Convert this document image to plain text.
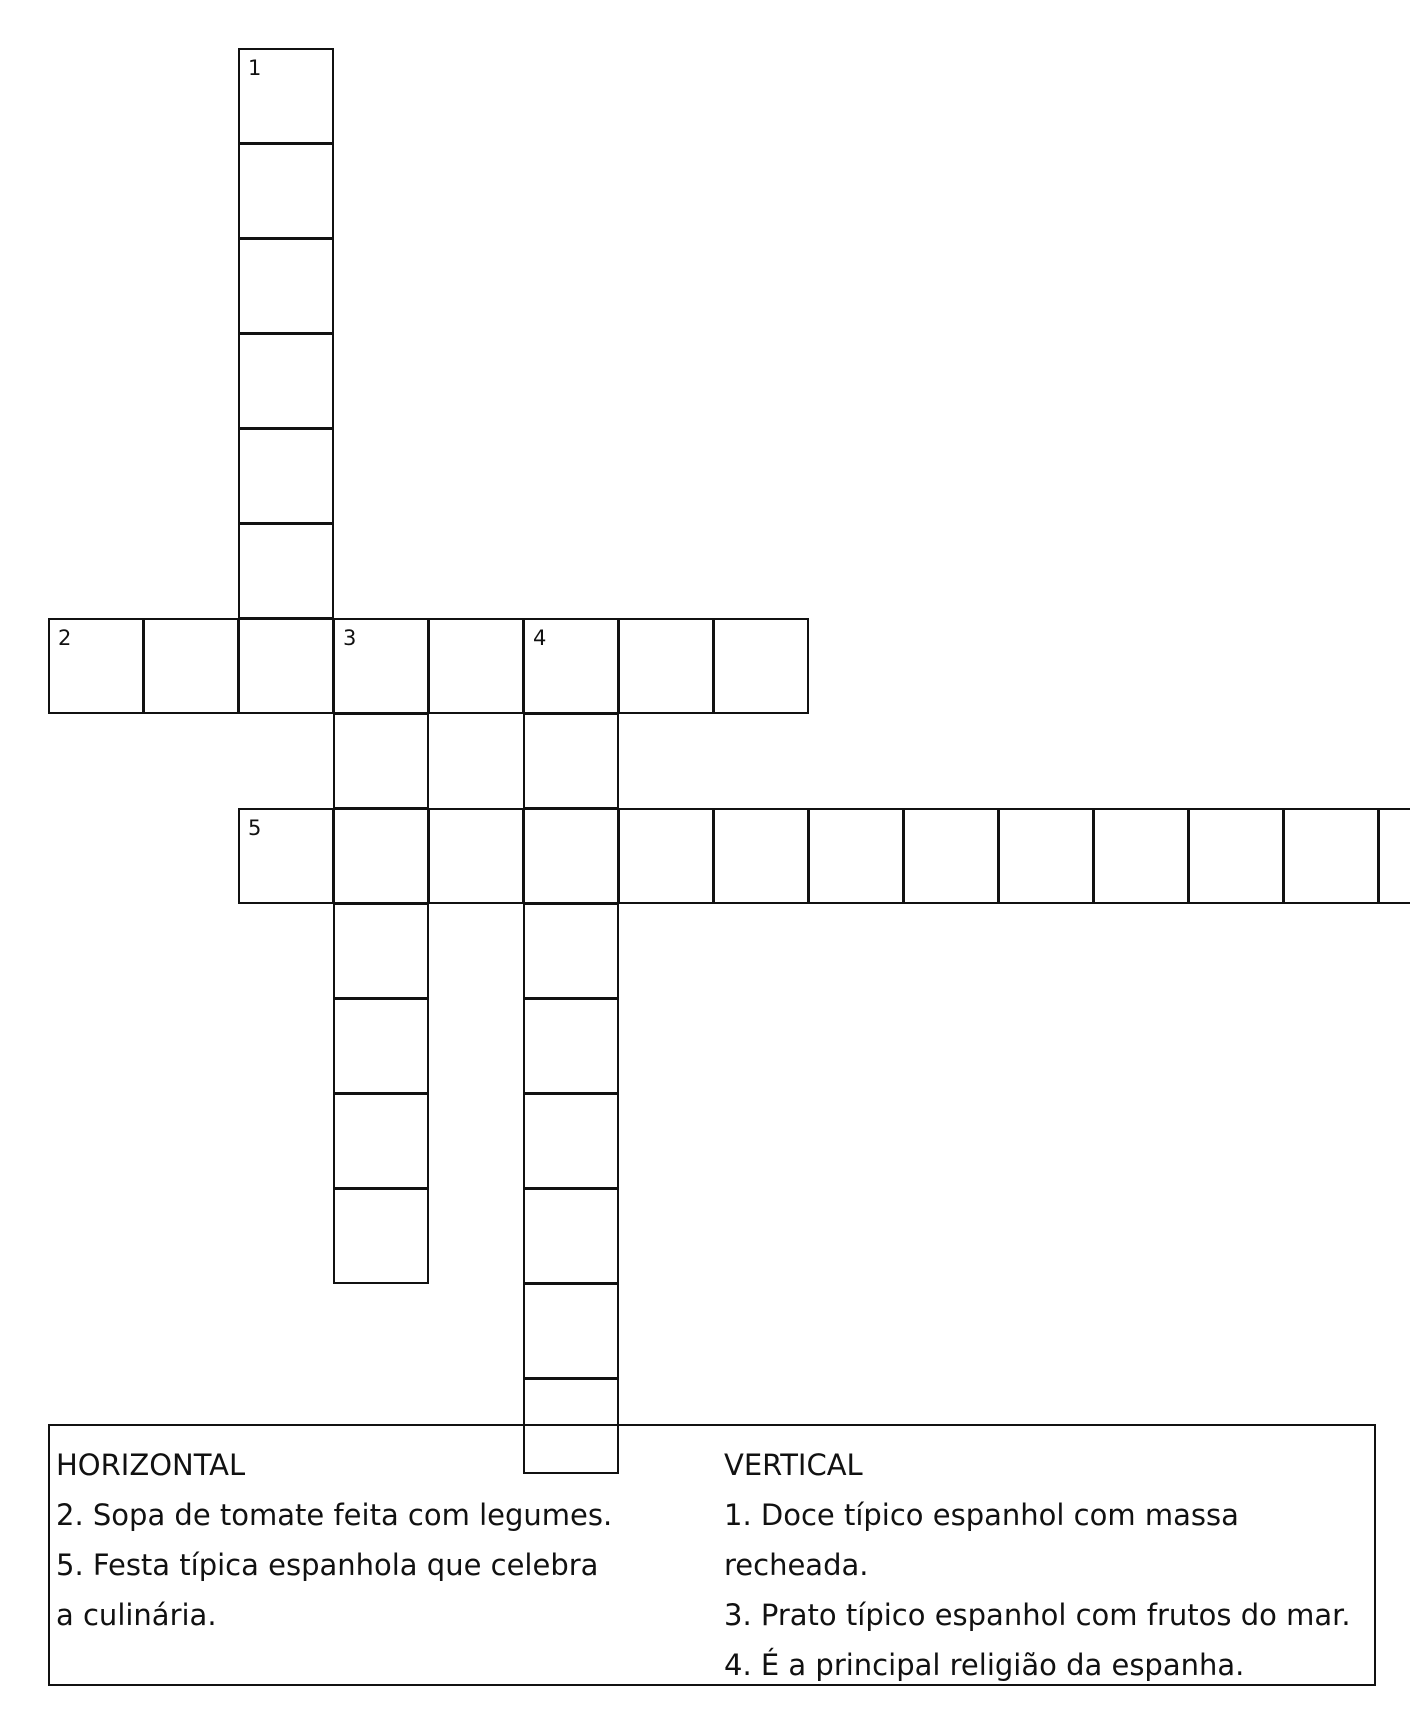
1
2	3	4
5

HORIZONTAL

2. Sopa de tomate feita com legumes.

5. Festa típica espanhola que celebra a culinária.

VERTICAL

1. Doce típico espanhol com massa recheada.

3. Prato típico espanhol com frutos do mar.

4. É a principal religião da espanha.
